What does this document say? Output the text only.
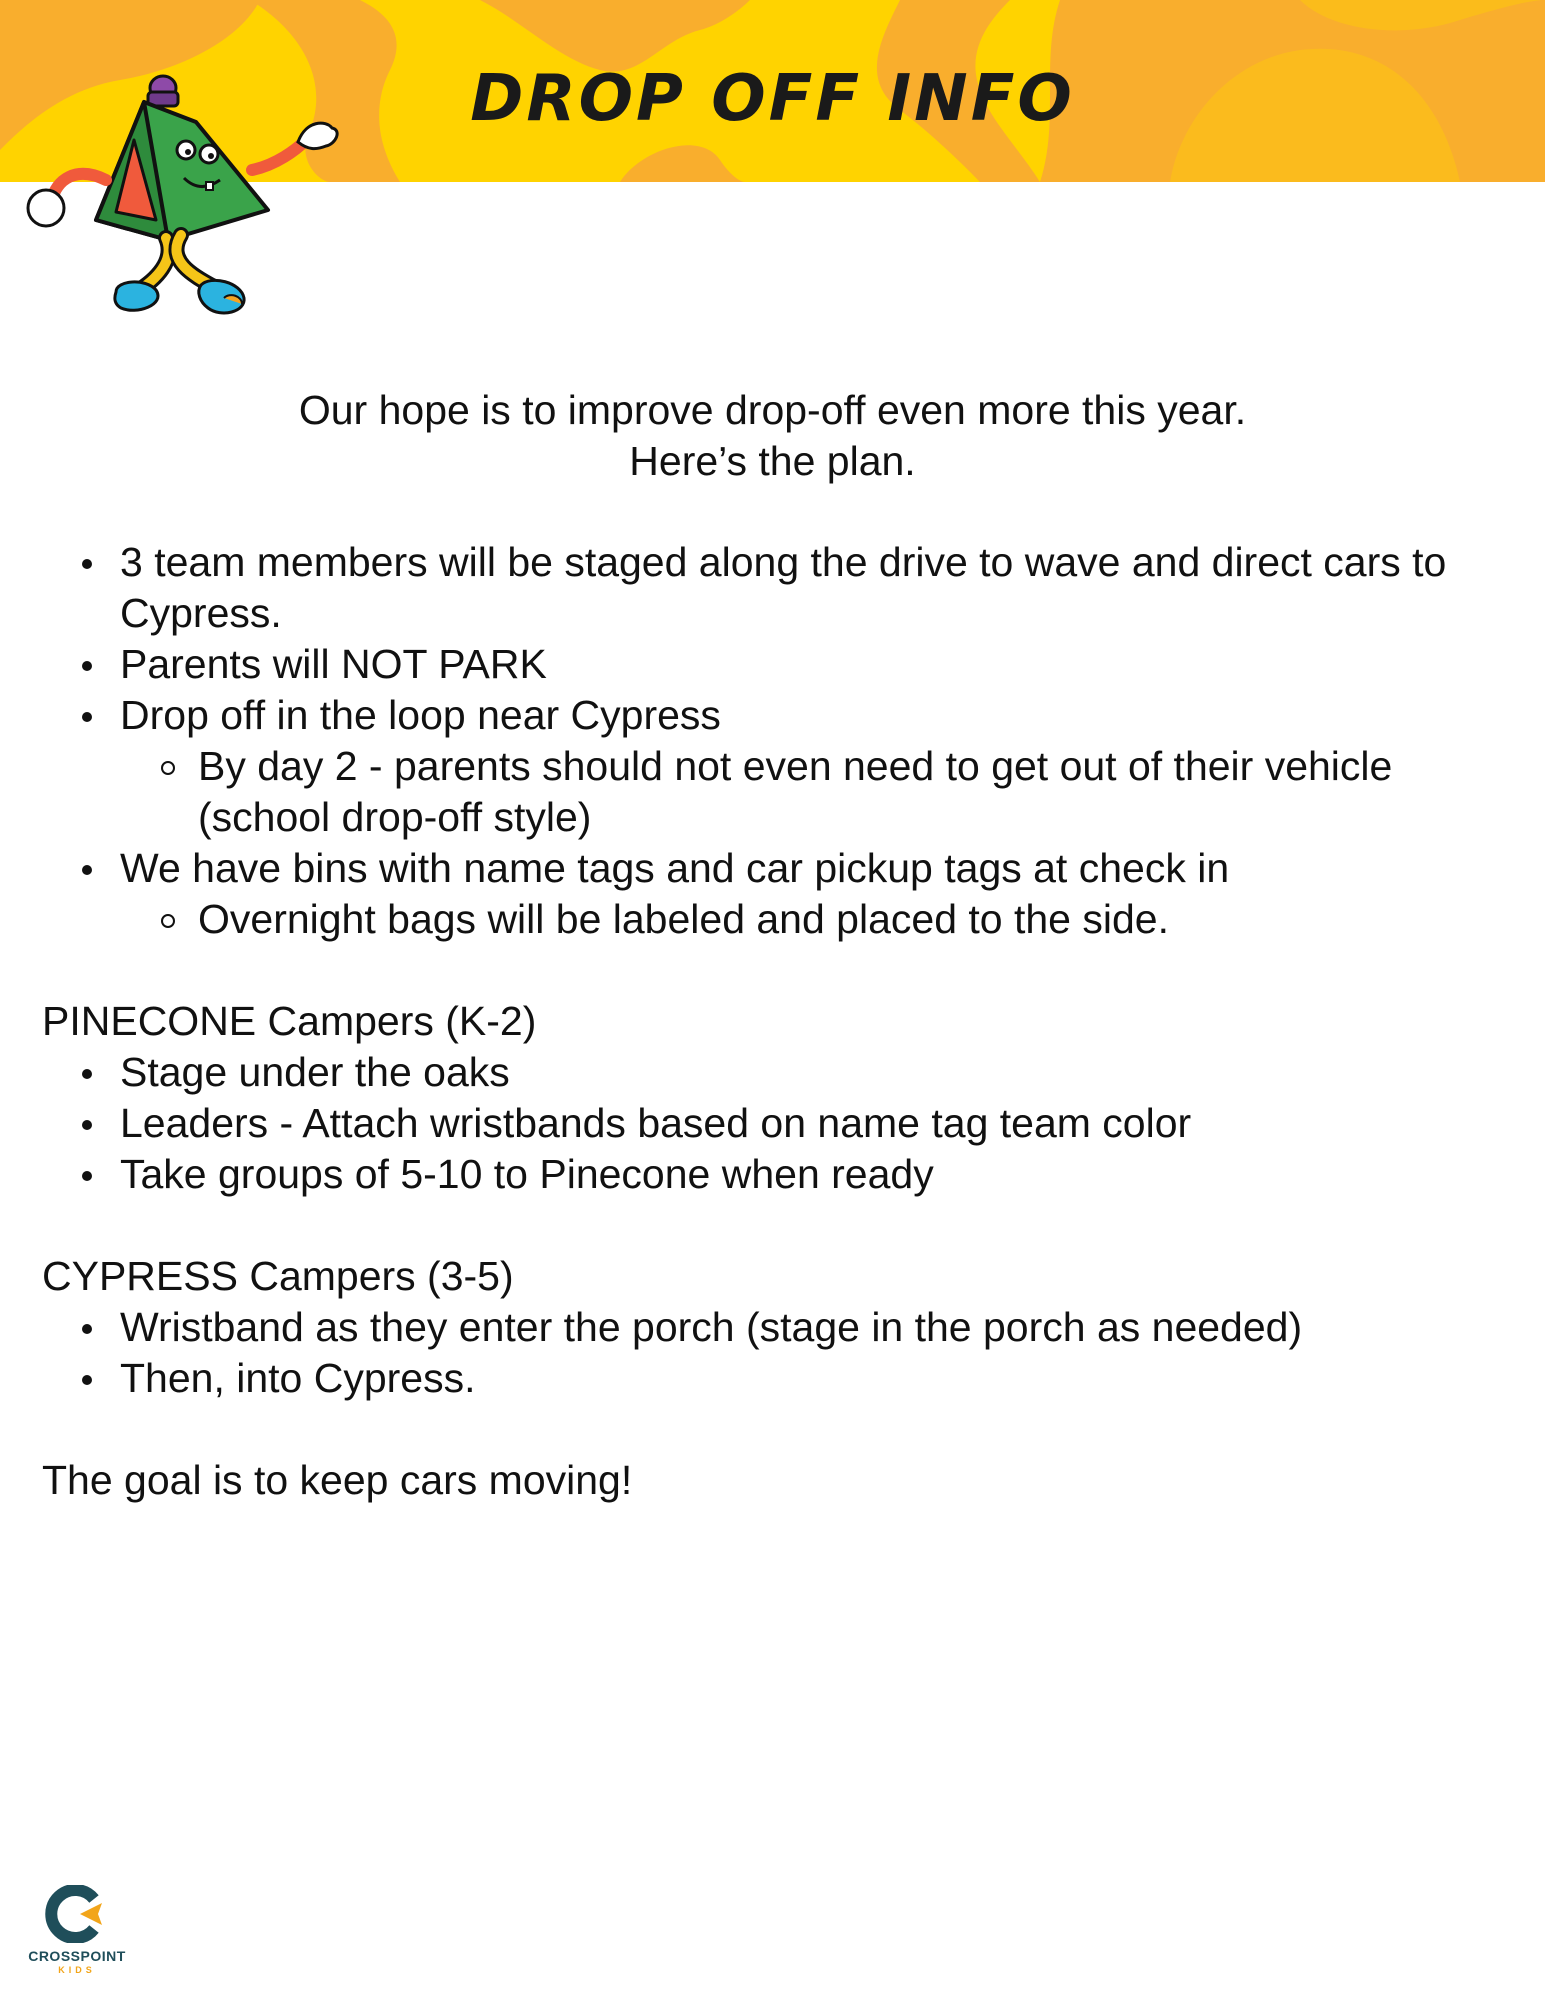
DROP OFF INFO
Our hope is to improve drop-off even more this year.
Here’s the plan.
3 team members will be staged along the drive to wave and direct cars to Cypress.
Parents will NOT PARK
Drop off in the loop near Cypress
By day 2 - parents should not even need to get out of their vehicle (school drop-off style)
We have bins with name tags and car pickup tags at check in
Overnight bags will be labeled and placed to the side.
PINECONE Campers (K-2)
Stage under the oaks
Leaders - Attach wristbands based on name tag team color
Take groups of 5-10 to Pinecone when ready
CYPRESS Campers (3-5)
Wristband as they enter the porch (stage in the porch as needed)
Then, into Cypress.
The goal is to keep cars moving!
CROSSPOINT
KIDS
